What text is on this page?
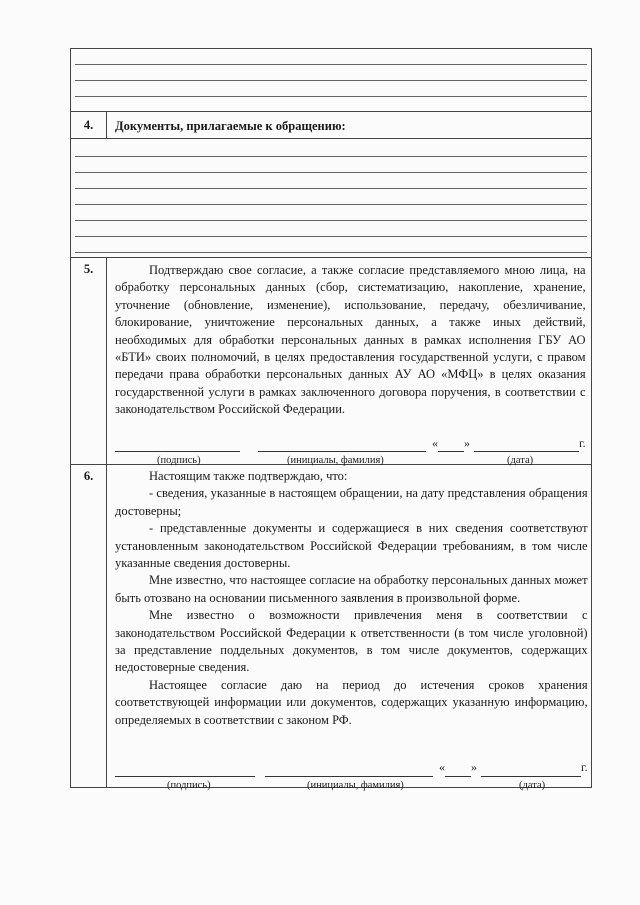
4.	Документы, прилагаемые к обращению:
5.	Подтверждаю свое согласие, а также согласие представляемого мною лица, на обработку персональных данных (сбор, систематизацию, накопление, хранение, уточнение (обновление, изменение), использование, передачу, обезличивание, блокирование, уничтожение персональных данных, а также иных действий, необходимых для обработки персональных данных в рамках исполнения ГБУ АО «БТИ» своих полномочий, в целях предоставления государственной услуги, с правом передачи права обработки персональных данных АУ АО «МФЦ» в целях оказания государственной услуги в рамках заключенного договора поручения, в соответствии с законодательством Российской Федерации.

« »	г.
(подпись)	(инициалы, фамилия)	(дата)
6.	Настоящим также подтверждаю, что:

- сведения, указанные в настоящем обращении, на дату представления обращения достоверны;

- представленные документы и содержащиеся в них сведения соответствуют установленным законодательством Российской Федерации требованиям, в том числе указанные сведения достоверны.

Мне известно, что настоящее согласие на обработку персональных данных может быть отозвано на основании письменного заявления в произвольной форме.

Мне известно о возможности привлечения меня в соответствии с законодательством Российской Федерации к ответственности (в том числе уголовной) за представление поддельных документов, в том числе документов, содержащих недостоверные сведения.

Настоящее согласие даю на период до истечения сроков хранения соответствующей информации или документов, содержащих указанную информацию, определяемых в соответствии с законом РФ.

« »	г.
(подпись)	(инициалы, фамилия)	(дата)
